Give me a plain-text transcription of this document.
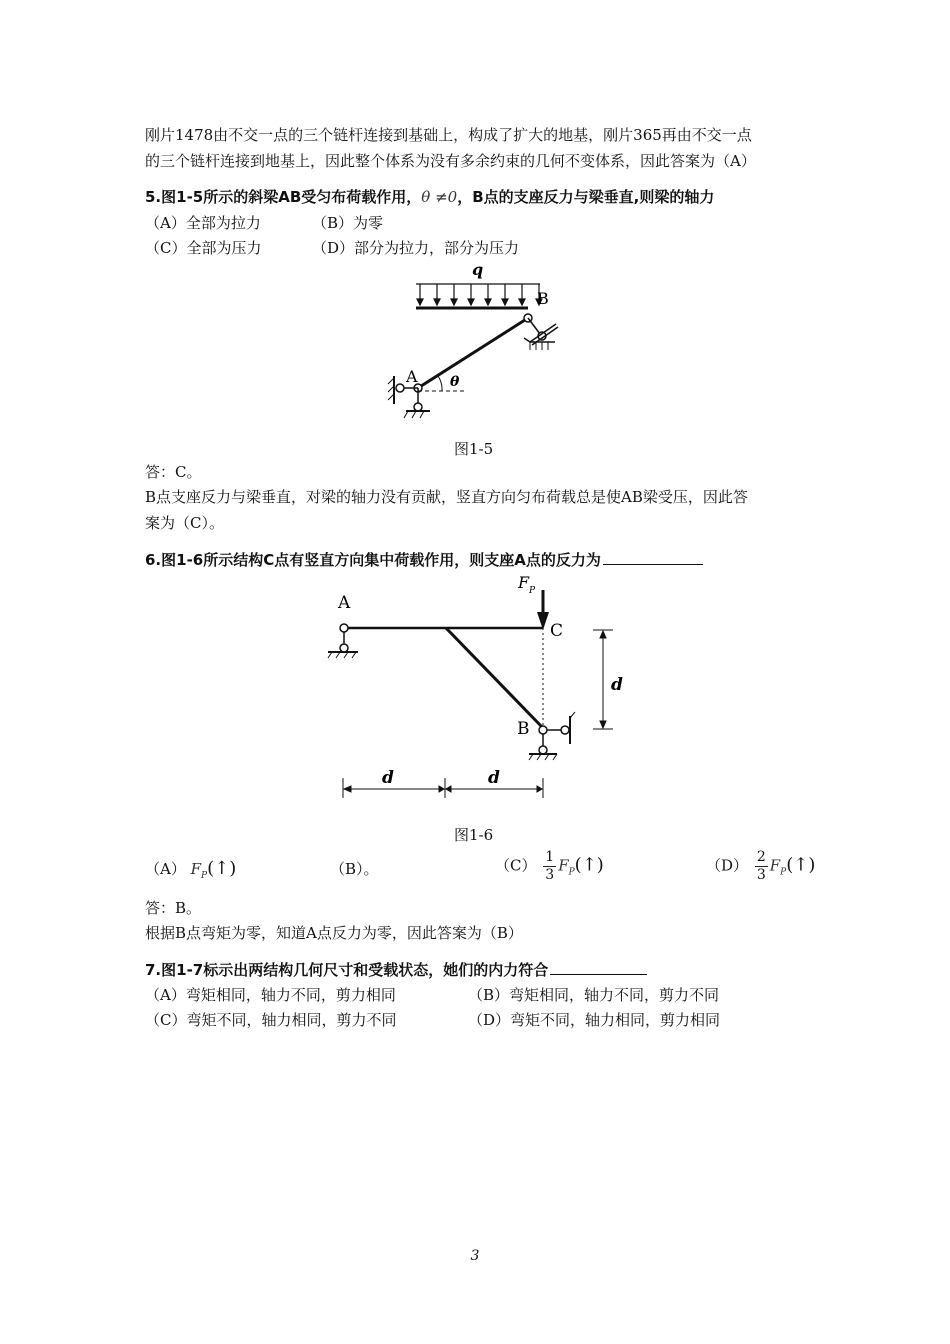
刚片1478由不交一点的三个链杆连接到基础上，构成了扩大的地基，刚片365再由不交一点
的三个链杆连接到地基上，因此整个体系为没有多余约束的几何不变体系，因此答案为（A）
5.图1-5所示的斜梁AB受匀布荷载作用，θ ≠0，B点的支座反力与梁垂直,则梁的轴力
（A）全部为拉力	（B）为零
（C）全部为压力	（D）部分为拉力，部分为压力
q
B
A θ
图1-5
答：C。
B点支座反力与梁垂直，对梁的轴力没有贡献，竖直方向匀布荷载总是使AB梁受压，因此答
案为（C）。
6.图1-6所示结构C点有竖直方向集中荷载作用，则支座A点的反力为
F P
C
A
B
d
d	d
图1-6
（A） $F_P(↑)$	（B）。	$(C) \frac{1}{3}$ $F_P(↑)$	$(D) \frac{2}{3}$ $F_P(↑)$
答：B。
根据B点弯矩为零，知道A点反力为零，因此答案为（B）
7.图1-7标示出两结构几何尺寸和受载状态，她们的内力符合
（A）弯矩相同，轴力不同，剪力相同	（B）弯矩相同，轴力不同，剪力不同
（C）弯矩不同，轴力相同，剪力不同	（D）弯矩不同，轴力相同，剪力相同
3
